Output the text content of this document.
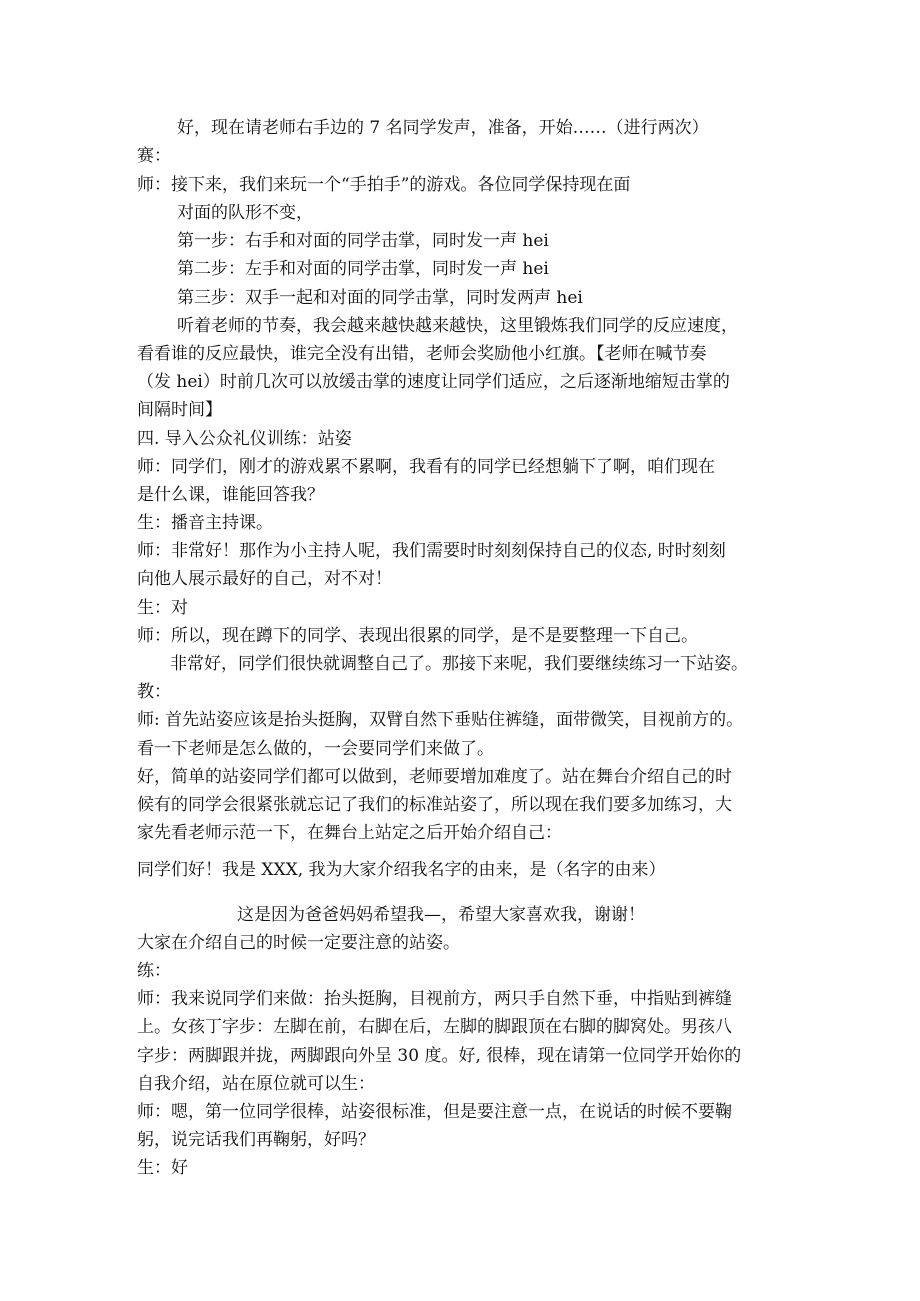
好，现在请老师右手边的 7 名同学发声，准备，开始……（进行两次）

赛：

师：接下来，我们来玩一个“手拍手”的游戏。各位同学保持现在面

对面的队形不变，

第一步：右手和对面的同学击掌，同时发一声 hei

第二步：左手和对面的同学击掌，同时发一声 hei

第三步：双手一起和对面的同学击掌，同时发两声 hei

听着老师的节奏，我会越来越快越来越快，这里锻炼我们同学的反应速度，

看看谁的反应最快，谁完全没有出错，老师会奖励他小红旗。【老师在喊节奏

（发 hei）时前几次可以放缓击掌的速度让同学们适应，之后逐渐地缩短击掌的

间隔时间】

四. 导入公众礼仪训练：站姿

师：同学们，刚才的游戏累不累啊，我看有的同学已经想躺下了啊，咱们现在

是什么课，谁能回答我？

生：播音主持课。

师：非常好！那作为小主持人呢，我们需要时时刻刻保持自己的仪态, 时时刻刻

向他人展示最好的自己，对不对！

生：对

师：所以，现在蹲下的同学、表现出很累的同学，是不是要整理一下自己。

非常好，同学们很快就调整自己了。那接下来呢，我们要继续练习一下站姿。

教：

师: 首先站姿应该是抬头挺胸，双臂自然下垂贴住裤缝，面带微笑，目视前方的。

看一下老师是怎么做的，一会要同学们来做了。

好，简单的站姿同学们都可以做到，老师要增加难度了。站在舞台介绍自己的时

候有的同学会很紧张就忘记了我们的标准站姿了，所以现在我们要多加练习，大

家先看老师示范一下，在舞台上站定之后开始介绍自己：

同学们好！我是 XXX, 我为大家介绍我名字的由来，是（名字的由来）

这是因为爸爸妈妈希望我—，希望大家喜欢我，谢谢！

大家在介绍自己的时候一定要注意的站姿。

练：

师：我来说同学们来做：抬头挺胸，目视前方，两只手自然下垂，中指贴到裤缝

上。女孩丁字步：左脚在前，右脚在后，左脚的脚跟顶在右脚的脚窝处。男孩八

字步：两脚跟并拢，两脚跟向外呈 30 度。好, 很棒，现在请第一位同学开始你的

自我介绍，站在原位就可以生：

师：嗯，第一位同学很棒，站姿很标准，但是要注意一点，在说话的时候不要鞠

躬，说完话我们再鞠躬，好吗？

生：好
